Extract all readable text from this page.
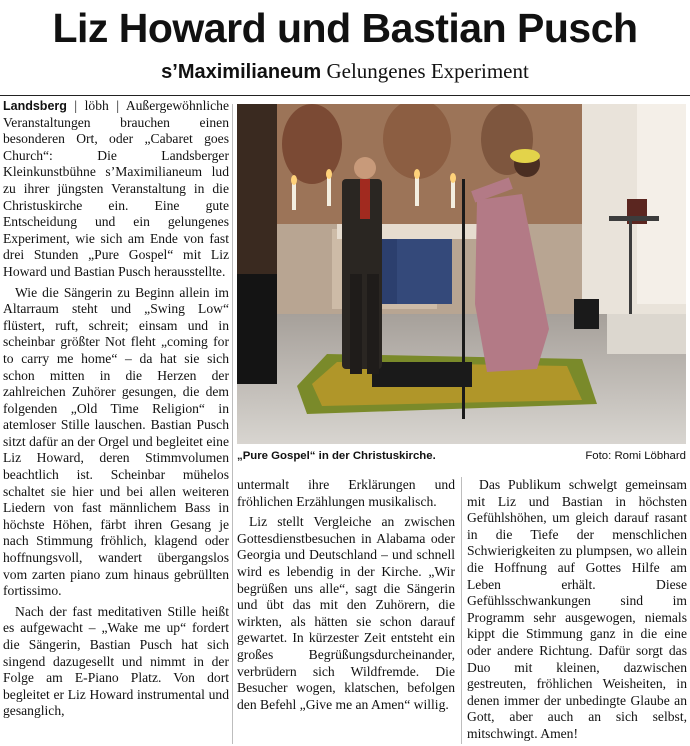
Liz Howard und Bastian Pusch
s’Maximilianeum Gelungenes Experiment

Landsberg | löbh | Außergewöhnliche Veranstaltungen brauchen einen besonderen Ort, oder „Cabaret goes Church“: Die Landsberger Kleinkunstbühne s’Maximilianeum lud zu ihrer jüngsten Veranstaltung in die Christuskirche ein. Eine gute Entscheidung und ein gelungenes Experiment, wie sich am Ende von fast drei Stunden „Pure Gospel“ mit Liz Howard und Bastian Pusch herausstellte.

Wie die Sängerin zu Beginn allein im Altarraum steht und „Swing Low“ flüstert, ruft, schreit; einsam und in scheinbar größter Not fleht „coming for to carry me home“ – da hat sie sich schon mitten in die Herzen der zahlreichen Zuhörer gesungen, die dem folgenden „Old Time Religion“ in atemloser Stille lauschen. Bastian Pusch sitzt dafür an der Orgel und begleitet eine Liz Howard, deren Stimmvolumen beachtlich ist. Scheinbar mühelos schaltet sie hier und bei allen weiteren Liedern von fast männlichem Bass in höchste Höhen, färbt ihren Gesang je nach Stimmung fröhlich, klagend oder hoffnungsvoll, wandert übergangslos vom zarten piano zum hinaus gebrüllten fortissimo.

Nach der fast meditativen Stille heißt es aufgewacht – „Wake me up“ fordert die Sängerin, Bastian Pusch hat sich singend dazugesellt und nimmt in der Folge am E-Piano Platz. Von dort begleitet er Liz Howard instrumental und gesanglich,

„Pure Gospel“ in der Christuskirche.	Foto: Romi Löbhard

untermalt ihre Erklärungen und fröhlichen Erzählungen musikalisch.

Liz stellt Vergleiche an zwischen Gottesdienstbesuchen in Alabama oder Georgia und Deutschland – und schnell wird es lebendig in der Kirche. „Wir begrüßen uns alle“, sagt die Sängerin und übt das mit den Zuhörern, die wirkten, als hätten sie schon darauf gewartet. In kürzester Zeit entsteht ein großes Begrüßungsdurcheinander, verbrüdern sich Wildfremde. Die Besucher wogen, klatschen, befolgen den Befehl „Give me an Amen“ willig.

Das Publikum schwelgt gemeinsam mit Liz und Bastian in höchsten Gefühlshöhen, um gleich darauf rasant in die Tiefe der menschlichen Schwierigkeiten zu plumpsen, wo allein die Hoffnung auf Gottes Hilfe am Leben erhält. Diese Gefühlsschwankungen sind im Programm sehr ausgewogen, niemals kippt die Stimmung ganz in die eine oder andere Richtung. Dafür sorgt das Duo mit kleinen, dazwischen gestreuten, fröhlichen Weisheiten, in denen immer der unbedingte Glaube an Gott, aber auch an sich selbst, mitschwingt. Amen!
